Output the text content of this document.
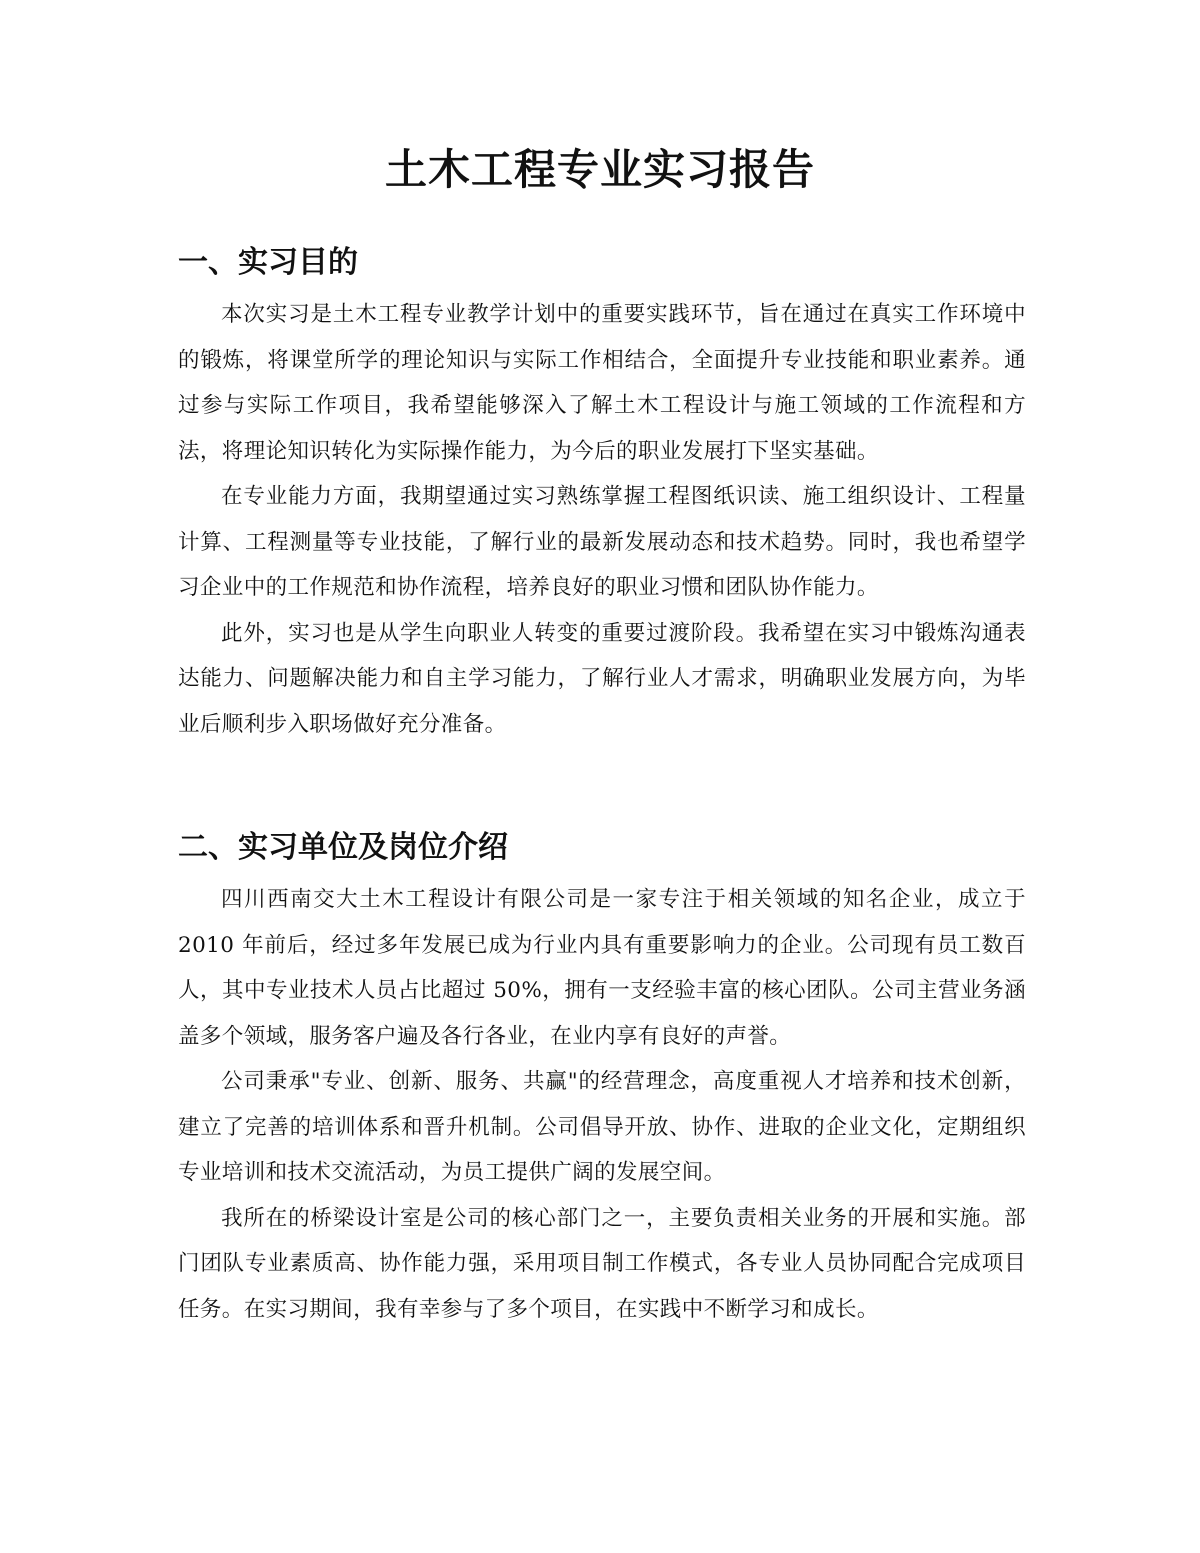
土木工程专业实习报告
一、实习目的

本次实习是土木工程专业教学计划中的重要实践环节，旨在通过在真实工作环境中的锻炼，将课堂所学的理论知识与实际工作相结合，全面提升专业技能和职业素养。通过参与实际工作项目，我希望能够深入了解土木工程设计与施工领域的工作流程和方法，将理论知识转化为实际操作能力，为今后的职业发展打下坚实基础。

在专业能力方面，我期望通过实习熟练掌握工程图纸识读、施工组织设计、工程量计算、工程测量等专业技能，了解行业的最新发展动态和技术趋势。同时，我也希望学习企业中的工作规范和协作流程，培养良好的职业习惯和团队协作能力。

此外，实习也是从学生向职业人转变的重要过渡阶段。我希望在实习中锻炼沟通表达能力、问题解决能力和自主学习能力，了解行业人才需求，明确职业发展方向，为毕业后顺利步入职场做好充分准备。

二、实习单位及岗位介绍

四川西南交大土木工程设计有限公司是一家专注于相关领域的知名企业，成立于 2010 年前后，经过多年发展已成为行业内具有重要影响力的企业。公司现有员工数百人，其中专业技术人员占比超过 50%，拥有一支经验丰富的核心团队。公司主营业务涵盖多个领域，服务客户遍及各行各业，在业内享有良好的声誉。

公司秉承"专业、创新、服务、共赢"的经营理念，高度重视人才培养和技术创新，建立了完善的培训体系和晋升机制。公司倡导开放、协作、进取的企业文化，定期组织专业培训和技术交流活动，为员工提供广阔的发展空间。

我所在的桥梁设计室是公司的核心部门之一，主要负责相关业务的开展和实施。部门团队专业素质高、协作能力强，采用项目制工作模式，各专业人员协同配合完成项目任务。在实习期间，我有幸参与了多个项目，在实践中不断学习和成长。
